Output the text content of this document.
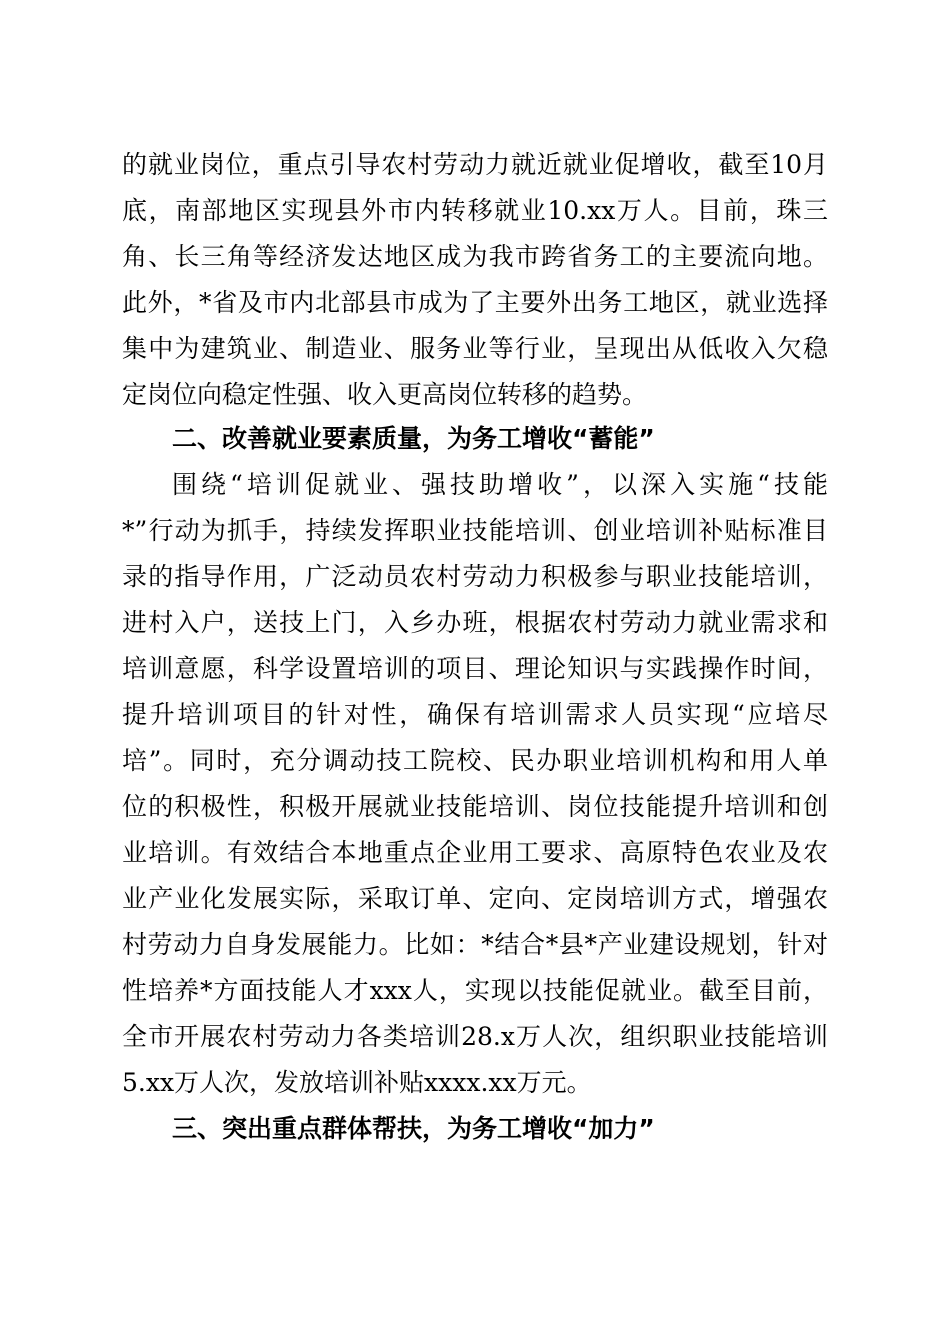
的就业岗位，重点引导农村劳动力就近就业促增收，截至10月
底，南部地区实现县外市内转移就业10.xx万人。目前，珠三
角、长三角等经济发达地区成为我市跨省务工的主要流向地。
此外，*省及市内北部县市成为了主要外出务工地区，就业选择
集中为建筑业、制造业、服务业等行业，呈现出从低收入欠稳
定岗位向稳定性强、收入更高岗位转移的趋势。
二、改善就业要素质量，为务工增收“蓄能”
围绕“培训促就业、强技助增收”，以深入实施“技能
*”行动为抓手，持续发挥职业技能培训、创业培训补贴标准目
录的指导作用，广泛动员农村劳动力积极参与职业技能培训，
进村入户，送技上门，入乡办班，根据农村劳动力就业需求和
培训意愿，科学设置培训的项目、理论知识与实践操作时间，
提升培训项目的针对性，确保有培训需求人员实现“应培尽
培”。同时，充分调动技工院校、民办职业培训机构和用人单
位的积极性，积极开展就业技能培训、岗位技能提升培训和创
业培训。有效结合本地重点企业用工要求、高原特色农业及农
业产业化发展实际，采取订单、定向、定岗培训方式，增强农
村劳动力自身发展能力。比如：*结合*县*产业建设规划，针对
性培养*方面技能人才xxx人，实现以技能促就业。截至目前，
全市开展农村劳动力各类培训28.x万人次，组织职业技能培训
5.xx万人次，发放培训补贴xxxx.xx万元。
三、突出重点群体帮扶，为务工增收“加力”
